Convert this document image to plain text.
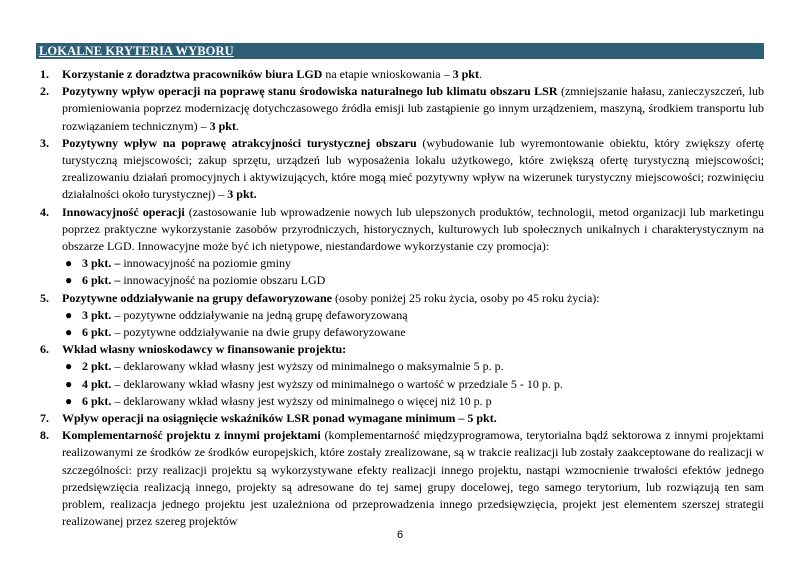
LOKALNE KRYTERIA WYBORU
1. Korzystanie z doradztwa pracowników biura LGD na etapie wnioskowania – 3 pkt.
2. Pozytywny wpływ operacji na poprawę stanu środowiska naturalnego lub klimatu obszaru LSR (zmniejszanie hałasu, zanieczyszczeń, lub promieniowania poprzez modernizację dotychczasowego źródła emisji lub zastąpienie go innym urządzeniem, maszyną, środkiem transportu lub rozwiązaniem technicznym) – 3 pkt.
3. Pozytywny wpływ na poprawę atrakcyjności turystycznej obszaru (wybudowanie lub wyremontowanie obiektu, który zwiększy ofertę turystyczną miejscowości; zakup sprzętu, urządzeń lub wyposażenia lokalu użytkowego, które zwiększą ofertę turystyczną miejscowości; zrealizowaniu działań promocyjnych i aktywizujących, które mogą mieć pozytywny wpływ na wizerunek turystyczny miejscowości; rozwinięciu działalności około turystycznej) – 3 pkt.
4. Innowacyjność operacji (zastosowanie lub wprowadzenie nowych lub ulepszonych produktów, technologii, metod organizacji lub marketingu poprzez praktyczne wykorzystanie zasobów przyrodniczych, historycznych, kulturowych lub społecznych unikalnych i charakterystycznym na obszarze LGD. Innowacyjne może być ich nietypowe, niestandardowe wykorzystanie czy promocja):
● 3 pkt. – innowacyjność na poziomie gminy
● 6 pkt. – innowacyjność na poziomie obszaru LGD
5. Pozytywne oddziaływanie na grupy defaworyzowane (osoby poniżej 25 roku życia, osoby po 45 roku życia):
● 3 pkt. – pozytywne oddziaływanie na jedną grupę defaworyzowaną
● 6 pkt. – pozytywne oddziaływanie na dwie grupy defaworyzowane
6. Wkład własny wnioskodawcy w finansowanie projektu:
● 2 pkt. – deklarowany wkład własny jest wyższy od minimalnego o maksymalnie 5 p. p.
● 4 pkt. – deklarowany wkład własny jest wyższy od minimalnego o wartość w przedziale 5 - 10 p. p.
● 6 pkt. – deklarowany wkład własny jest wyższy od minimalnego o więcej niż 10 p. p
7. Wpływ operacji na osiągnięcie wskaźników LSR ponad wymagane minimum – 5 pkt.
8. Komplementarność projektu z innymi projektami (komplementarność międzyprogramowa, terytorialna bądź sektorowa z innymi projektami realizowanymi ze środków ze środków europejskich, które zostały zrealizowane, są w trakcie realizacji lub zostały zaakceptowane do realizacji w szczególności: przy realizacji projektu są wykorzystywane efekty realizacji innego projektu, nastąpi wzmocnienie trwałości efektów jednego przedsięwzięcia realizacją innego, projekty są adresowane do tej samej grupy docelowej, tego samego terytorium, lub rozwiązują ten sam problem, realizacja jednego projektu jest uzależniona od przeprowadzenia innego przedsięwzięcia, projekt jest elementem szerszej strategii realizowanej przez szereg projektów
6
